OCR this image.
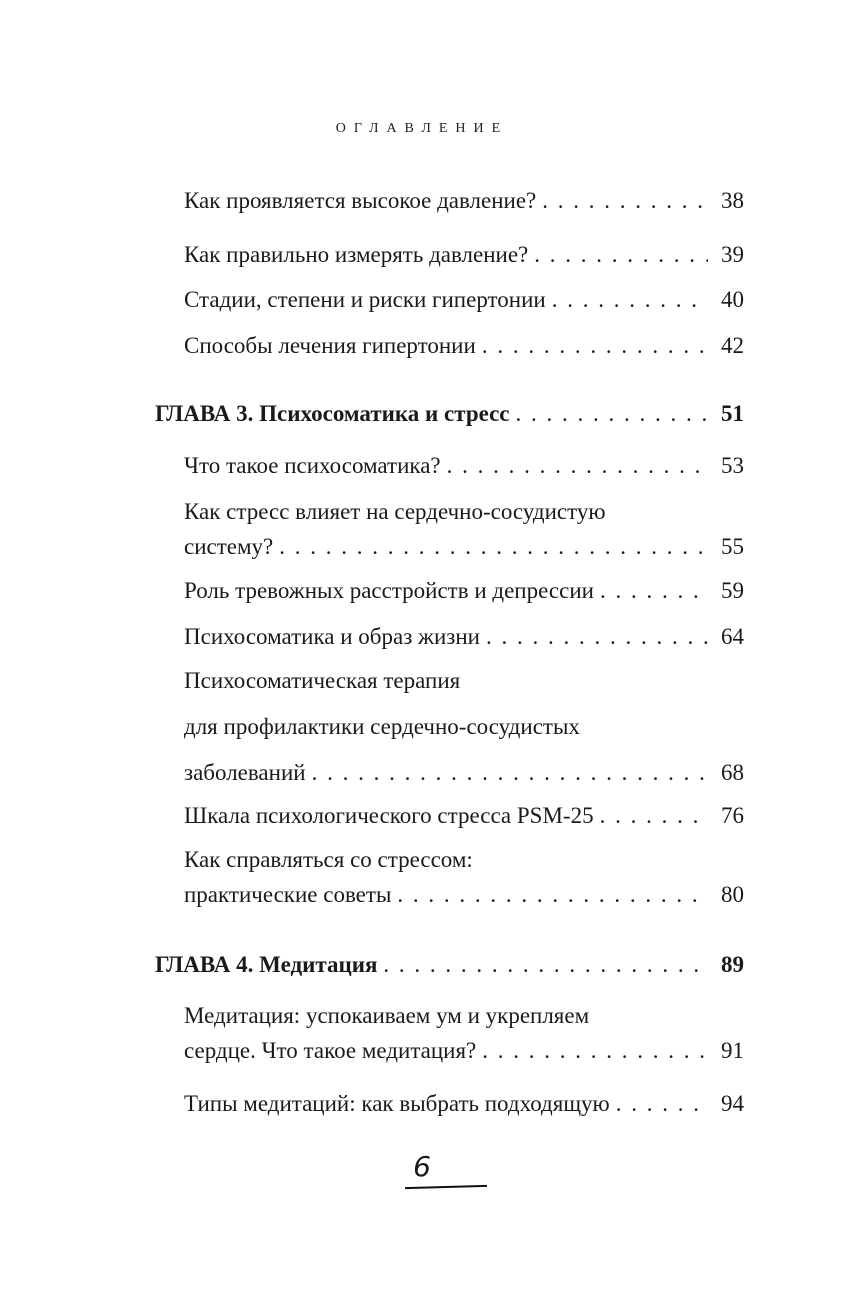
ОГЛАВЛЕНИЕ
Как проявляется высокое давление? . . .	38
Как правильно измерять давление? . . .	39
Стадии, степени и риски гипертонии . . .	40
Способы лечения гипертонии . . .	42
ГЛАВА 3. Психосоматика и стресс . . .	51
Что такое психосоматика? . . .	53
Как стресс влияет на сердечно-сосудистую
систему? . . .	55
Роль тревожных расстройств и депрессии . . .	59
Психосоматика и образ жизни . . .	64
Психосоматическая терапия
для профилактики сердечно-сосудистых
заболеваний . . .	68
Шкала психологического стресса PSM-25 . . .	76
Как справляться со стрессом:
практические советы . . .	80
ГЛАВА 4. Медитация . . .	89
Медитация: успокаиваем ум и укрепляем
сердце. Что такое медитация? . . .	91
Типы медитаций: как выбрать подходящую . . .	94
6
